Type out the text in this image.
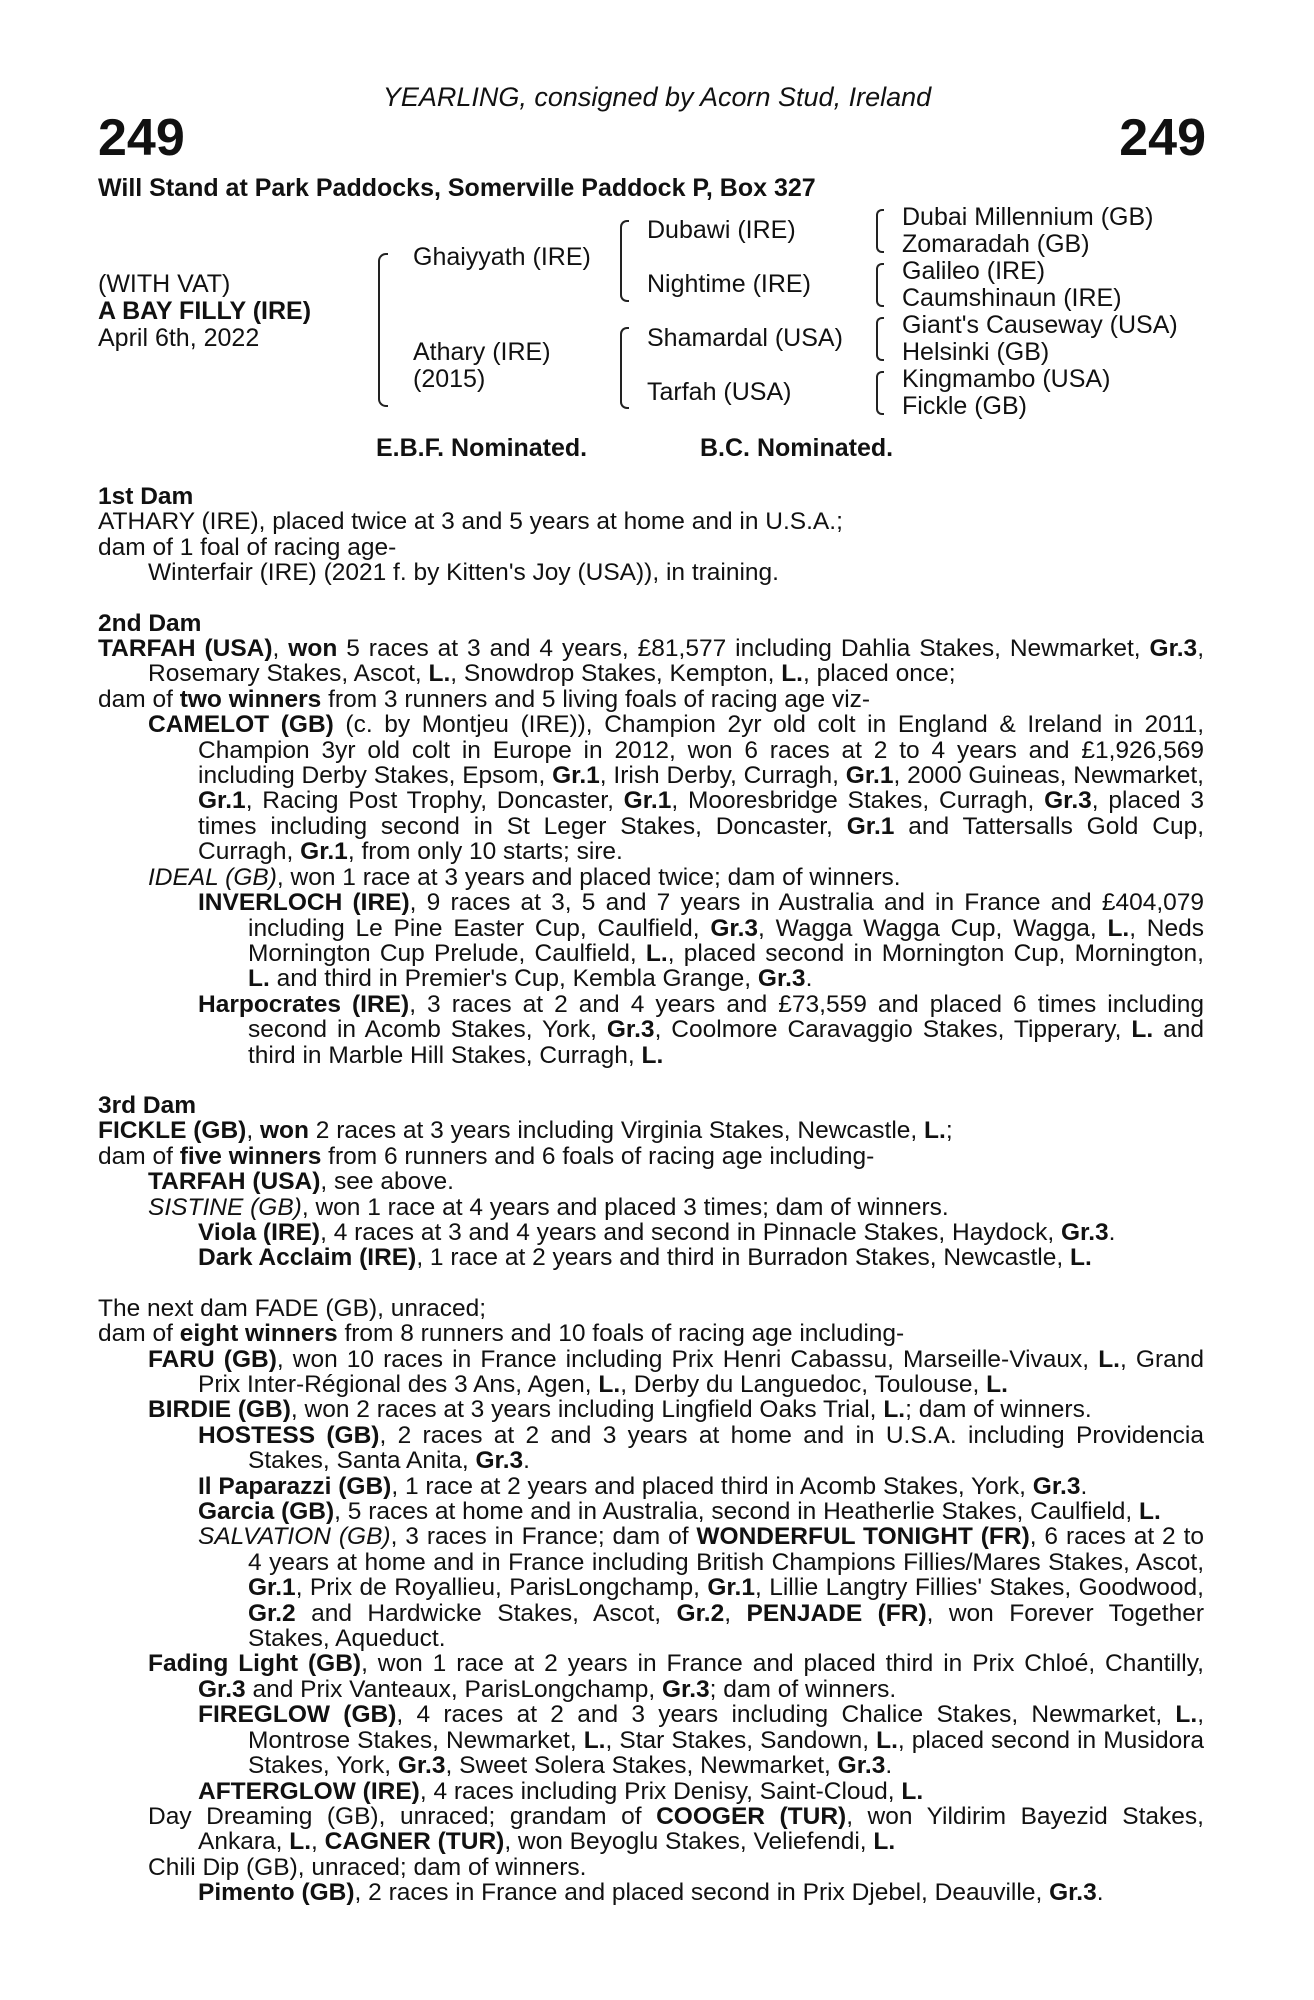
YEARLING, consigned by Acorn Stud, Ireland
249	249
Will Stand at Park Paddocks, Somerville Paddock P, Box 327
(WITH VAT)
A BAY FILLY (IRE)
April 6th, 2022
Ghaiyyath (IRE)
Athary (IRE)
(2015)
Dubawi (IRE)
Nightime (IRE)
Shamardal (USA)
Tarfah (USA)
Dubai Millennium (GB)
Zomaradah (GB)
Galileo (IRE)
Caumshinaun (IRE)
Giant's Causeway (USA)
Helsinki (GB)
Kingmambo (USA)
Fickle (GB)
E.B.F. Nominated.	B.C. Nominated.

1st Dam

ATHARY (IRE), placed twice at 3 and 5 years at home and in U.S.A.;

dam of 1 foal of racing age-

Winterfair (IRE) (2021 f. by Kitten's Joy (USA)), in training.

2nd Dam

TARFAH (USA), won 5 races at 3 and 4 years, £81,577 including Dahlia Stakes, Newmarket, Gr.3, Rosemary Stakes, Ascot, L., Snowdrop Stakes, Kempton, L., placed once;

dam of two winners from 3 runners and 5 living foals of racing age viz-

CAMELOT (GB) (c. by Montjeu (IRE)), Champion 2yr old colt in England & Ireland in 2011, Champion 3yr old colt in Europe in 2012, won 6 races at 2 to 4 years and £1,926,569 including Derby Stakes, Epsom, Gr.1, Irish Derby, Curragh, Gr.1, 2000 Guineas, Newmarket, Gr.1, Racing Post Trophy, Doncaster, Gr.1, Mooresbridge Stakes, Curragh, Gr.3, placed 3 times including second in St Leger Stakes, Doncaster, Gr.1 and Tattersalls Gold Cup, Curragh, Gr.1, from only 10 starts; sire.

IDEAL (GB), won 1 race at 3 years and placed twice; dam of winners.

INVERLOCH (IRE), 9 races at 3, 5 and 7 years in Australia and in France and £404,079 including Le Pine Easter Cup, Caulfield, Gr.3, Wagga Wagga Cup, Wagga, L., Neds Mornington Cup Prelude, Caulfield, L., placed second in Mornington Cup, Mornington, L. and third in Premier's Cup, Kembla Grange, Gr.3.

Harpocrates (IRE), 3 races at 2 and 4 years and £73,559 and placed 6 times including second in Acomb Stakes, York, Gr.3, Coolmore Caravaggio Stakes, Tipperary, L. and third in Marble Hill Stakes, Curragh, L.

3rd Dam

FICKLE (GB), won 2 races at 3 years including Virginia Stakes, Newcastle, L.;

dam of five winners from 6 runners and 6 foals of racing age including-

TARFAH (USA), see above.

SISTINE (GB), won 1 race at 4 years and placed 3 times; dam of winners.

Viola (IRE), 4 races at 3 and 4 years and second in Pinnacle Stakes, Haydock, Gr.3.

Dark Acclaim (IRE), 1 race at 2 years and third in Burradon Stakes, Newcastle, L.

The next dam FADE (GB), unraced;

dam of eight winners from 8 runners and 10 foals of racing age including-

FARU (GB), won 10 races in France including Prix Henri Cabassu, Marseille-Vivaux, L., Grand Prix Inter-Régional des 3 Ans, Agen, L., Derby du Languedoc, Toulouse, L.

BIRDIE (GB), won 2 races at 3 years including Lingfield Oaks Trial, L.; dam of winners.

HOSTESS (GB), 2 races at 2 and 3 years at home and in U.S.A. including Providencia Stakes, Santa Anita, Gr.3.

Il Paparazzi (GB), 1 race at 2 years and placed third in Acomb Stakes, York, Gr.3.

Garcia (GB), 5 races at home and in Australia, second in Heatherlie Stakes, Caulfield, L.

SALVATION (GB), 3 races in France; dam of WONDERFUL TONIGHT (FR), 6 races at 2 to 4 years at home and in France including British Champions Fillies/Mares Stakes, Ascot, Gr.1, Prix de Royallieu, ParisLongchamp, Gr.1, Lillie Langtry Fillies' Stakes, Goodwood, Gr.2 and Hardwicke Stakes, Ascot, Gr.2, PENJADE (FR), won Forever Together Stakes, Aqueduct.

Fading Light (GB), won 1 race at 2 years in France and placed third in Prix Chloé, Chantilly, Gr.3 and Prix Vanteaux, ParisLongchamp, Gr.3; dam of winners.

FIREGLOW (GB), 4 races at 2 and 3 years including Chalice Stakes, Newmarket, L., Montrose Stakes, Newmarket, L., Star Stakes, Sandown, L., placed second in Musidora Stakes, York, Gr.3, Sweet Solera Stakes, Newmarket, Gr.3.

AFTERGLOW (IRE), 4 races including Prix Denisy, Saint-Cloud, L.

Day Dreaming (GB), unraced; grandam of COOGER (TUR), won Yildirim Bayezid Stakes, Ankara, L., CAGNER (TUR), won Beyoglu Stakes, Veliefendi, L.

Chili Dip (GB), unraced; dam of winners.

Pimento (GB), 2 races in France and placed second in Prix Djebel, Deauville, Gr.3.
